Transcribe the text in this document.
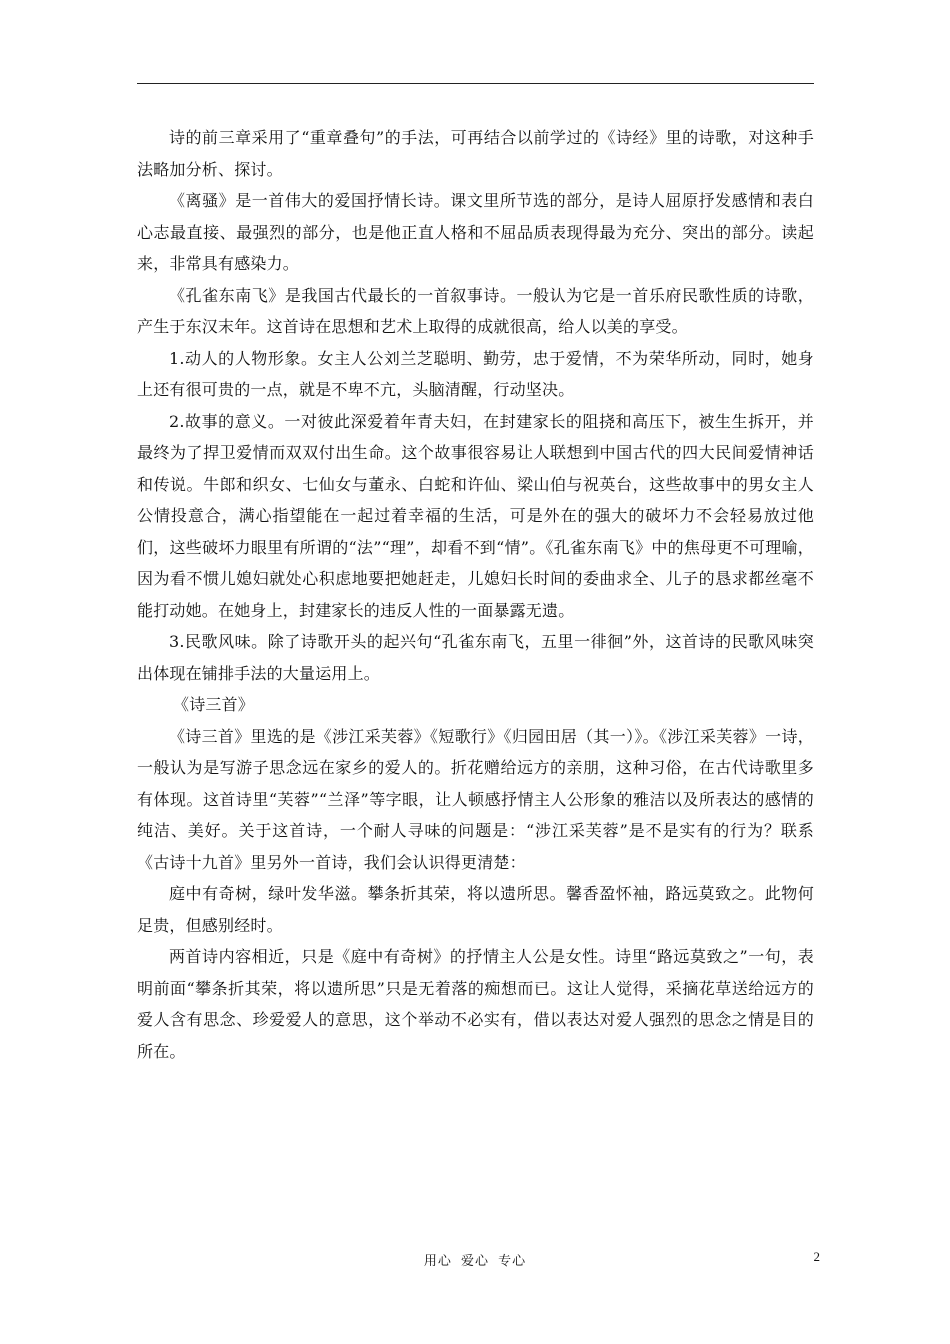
诗的前三章采用了“重章叠句”的手法，可再结合以前学过的《诗经》里的诗歌，对这种手法略加分析、探讨。

《离骚》是一首伟大的爱国抒情长诗。课文里所节选的部分，是诗人屈原抒发感情和表白心志最直接、最强烈的部分，也是他正直人格和不屈品质表现得最为充分、突出的部分。读起来，非常具有感染力。

《孔雀东南飞》是我国古代最长的一首叙事诗。一般认为它是一首乐府民歌性质的诗歌，产生于东汉末年。这首诗在思想和艺术上取得的成就很高，给人以美的享受。

1.动人的人物形象。女主人公刘兰芝聪明、勤劳，忠于爱情，不为荣华所动，同时，她身上还有很可贵的一点，就是不卑不亢，头脑清醒，行动坚决。

2.故事的意义。一对彼此深爱着年青夫妇，在封建家长的阻挠和高压下，被生生拆开，并最终为了捍卫爱情而双双付出生命。这个故事很容易让人联想到中国古代的四大民间爱情神话和传说。牛郎和织女、七仙女与董永、白蛇和许仙、梁山伯与祝英台，这些故事中的男女主人公情投意合，满心指望能在一起过着幸福的生活，可是外在的强大的破坏力不会轻易放过他们，这些破坏力眼里有所谓的“法”“理”，却看不到“情”。《孔雀东南飞》中的焦母更不可理喻，因为看不惯儿媳妇就处心积虑地要把她赶走，儿媳妇长时间的委曲求全、儿子的恳求都丝毫不能打动她。在她身上，封建家长的违反人性的一面暴露无遗。

3.民歌风味。除了诗歌开头的起兴句“孔雀东南飞，五里一徘徊”外，这首诗的民歌风味突出体现在铺排手法的大量运用上。

《诗三首》

《诗三首》里选的是《涉江采芙蓉》《短歌行》《归园田居（其一）》。《涉江采芙蓉》一诗，一般认为是写游子思念远在家乡的爱人的。折花赠给远方的亲朋，这种习俗，在古代诗歌里多有体现。这首诗里“芙蓉”“兰泽”等字眼，让人顿感抒情主人公形象的雅洁以及所表达的感情的纯洁、美好。关于这首诗，一个耐人寻味的问题是：“涉江采芙蓉”是不是实有的行为？联系《古诗十九首》里另外一首诗，我们会认识得更清楚：

庭中有奇树，绿叶发华滋。攀条折其荣，将以遗所思。馨香盈怀袖，路远莫致之。此物何足贵，但感别经时。

两首诗内容相近，只是《庭中有奇树》的抒情主人公是女性。诗里“路远莫致之”一句，表明前面“攀条折其荣，将以遗所思”只是无着落的痴想而已。这让人觉得，采摘花草送给远方的爱人含有思念、珍爱爱人的意思，这个举动不必实有，借以表达对爱人强烈的思念之情是目的所在。

用心 爱心 专心	2
